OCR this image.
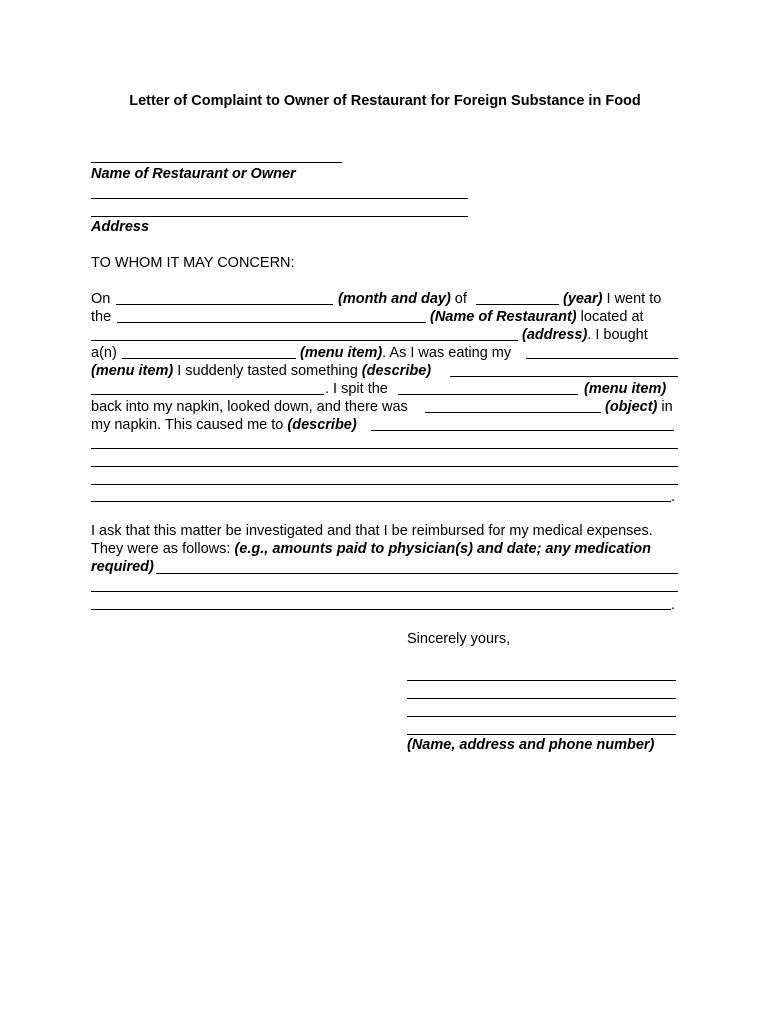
Letter of Complaint to Owner of Restaurant for Foreign Substance in Food
Name of Restaurant or Owner
Address
TO WHOM IT MAY CONCERN:
On	(month and day) of	(year) I went to
the	(Name of Restaurant) located at
(address). I bought
a(n)	(menu item). As I was eating my
(menu item) I suddenly tasted something (describe)
. I spit the	(menu item)
back into my napkin, looked down, and there was	(object) in
my napkin. This caused me to (describe)
.
I ask that this matter be investigated and that I be reimbursed for my medical expenses.
They were as follows: (e.g., amounts paid to physician(s) and date; any medication
required)
.
Sincerely yours,
(Name, address and phone number)
